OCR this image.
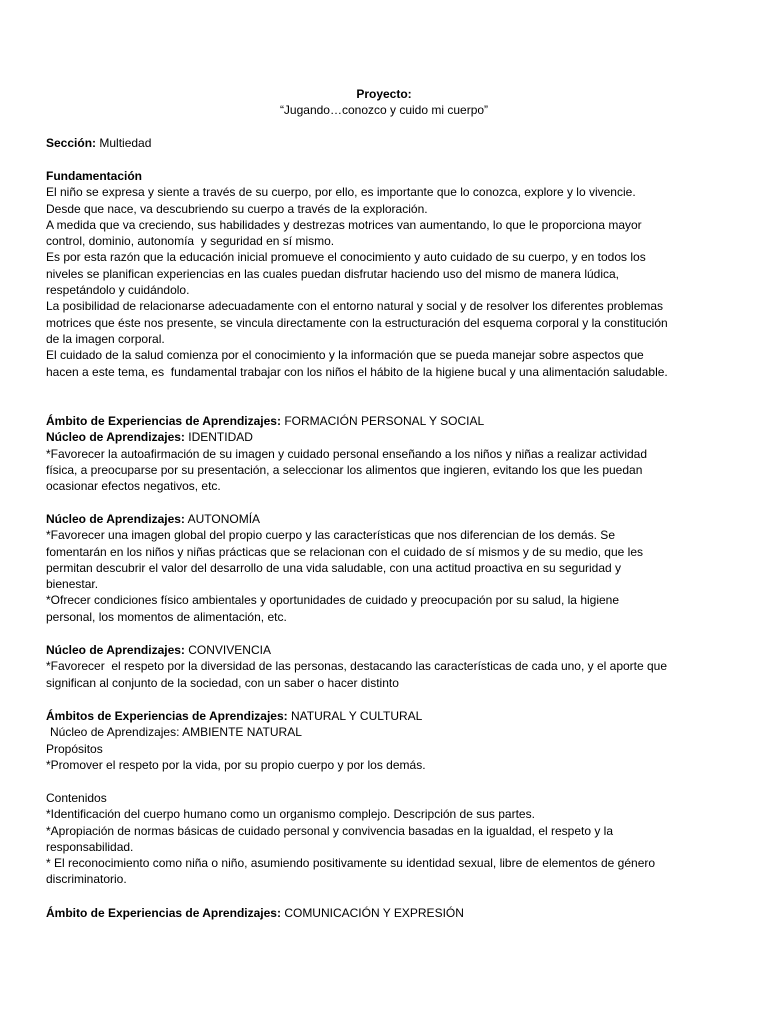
Proyecto:
“Jugando…conozco y cuido mi cuerpo”
Sección: Multiedad
Fundamentación
El niño se expresa y siente a través de su cuerpo, por ello, es importante que lo conozca, explore y lo vivencie.
Desde que nace, va descubriendo su cuerpo a través de la exploración.
A medida que va creciendo, sus habilidades y destrezas motrices van aumentando, lo que le proporciona mayor
control, dominio, autonomía  y seguridad en sí mismo.
Es por esta razón que la educación inicial promueve el conocimiento y auto cuidado de su cuerpo, y en todos los
niveles se planifican experiencias en las cuales puedan disfrutar haciendo uso del mismo de manera lúdica,
respetándolo y cuidándolo.
La posibilidad de relacionarse adecuadamente con el entorno natural y social y de resolver los diferentes problemas
motrices que éste nos presente, se vincula directamente con la estructuración del esquema corporal y la constitución
de la imagen corporal.
El cuidado de la salud comienza por el conocimiento y la información que se pueda manejar sobre aspectos que
hacen a este tema, es  fundamental trabajar con los niños el hábito de la higiene bucal y una alimentación saludable.
Ámbito de Experiencias de Aprendizajes: FORMACIÓN PERSONAL Y SOCIAL
Núcleo de Aprendizajes: IDENTIDAD
*Favorecer la autoafirmación de su imagen y cuidado personal enseñando a los niños y niñas a realizar actividad
física, a preocuparse por su presentación, a seleccionar los alimentos que ingieren, evitando los que les puedan
ocasionar efectos negativos, etc.
Núcleo de Aprendizajes: AUTONOMÍA
*Favorecer una imagen global del propio cuerpo y las características que nos diferencian de los demás. Se
fomentarán en los niños y niñas prácticas que se relacionan con el cuidado de sí mismos y de su medio, que les
permitan descubrir el valor del desarrollo de una vida saludable, con una actitud proactiva en su seguridad y
bienestar.
*Ofrecer condiciones físico ambientales y oportunidades de cuidado y preocupación por su salud, la higiene
personal, los momentos de alimentación, etc.
Núcleo de Aprendizajes: CONVIVENCIA
*Favorecer  el respeto por la diversidad de las personas, destacando las características de cada uno, y el aporte que
significan al conjunto de la sociedad, con un saber o hacer distinto
Ámbitos de Experiencias de Aprendizajes: NATURAL Y CULTURAL
Núcleo de Aprendizajes: AMBIENTE NATURAL
Propósitos
*Promover el respeto por la vida, por su propio cuerpo y por los demás.
Contenidos
*Identificación del cuerpo humano como un organismo complejo. Descripción de sus partes.
*Apropiación de normas básicas de cuidado personal y convivencia basadas en la igualdad, el respeto y la
responsabilidad.
* El reconocimiento como niña o niño, asumiendo positivamente su identidad sexual, libre de elementos de género
discriminatorio.
Ámbito de Experiencias de Aprendizajes: COMUNICACIÓN Y EXPRESIÓN
